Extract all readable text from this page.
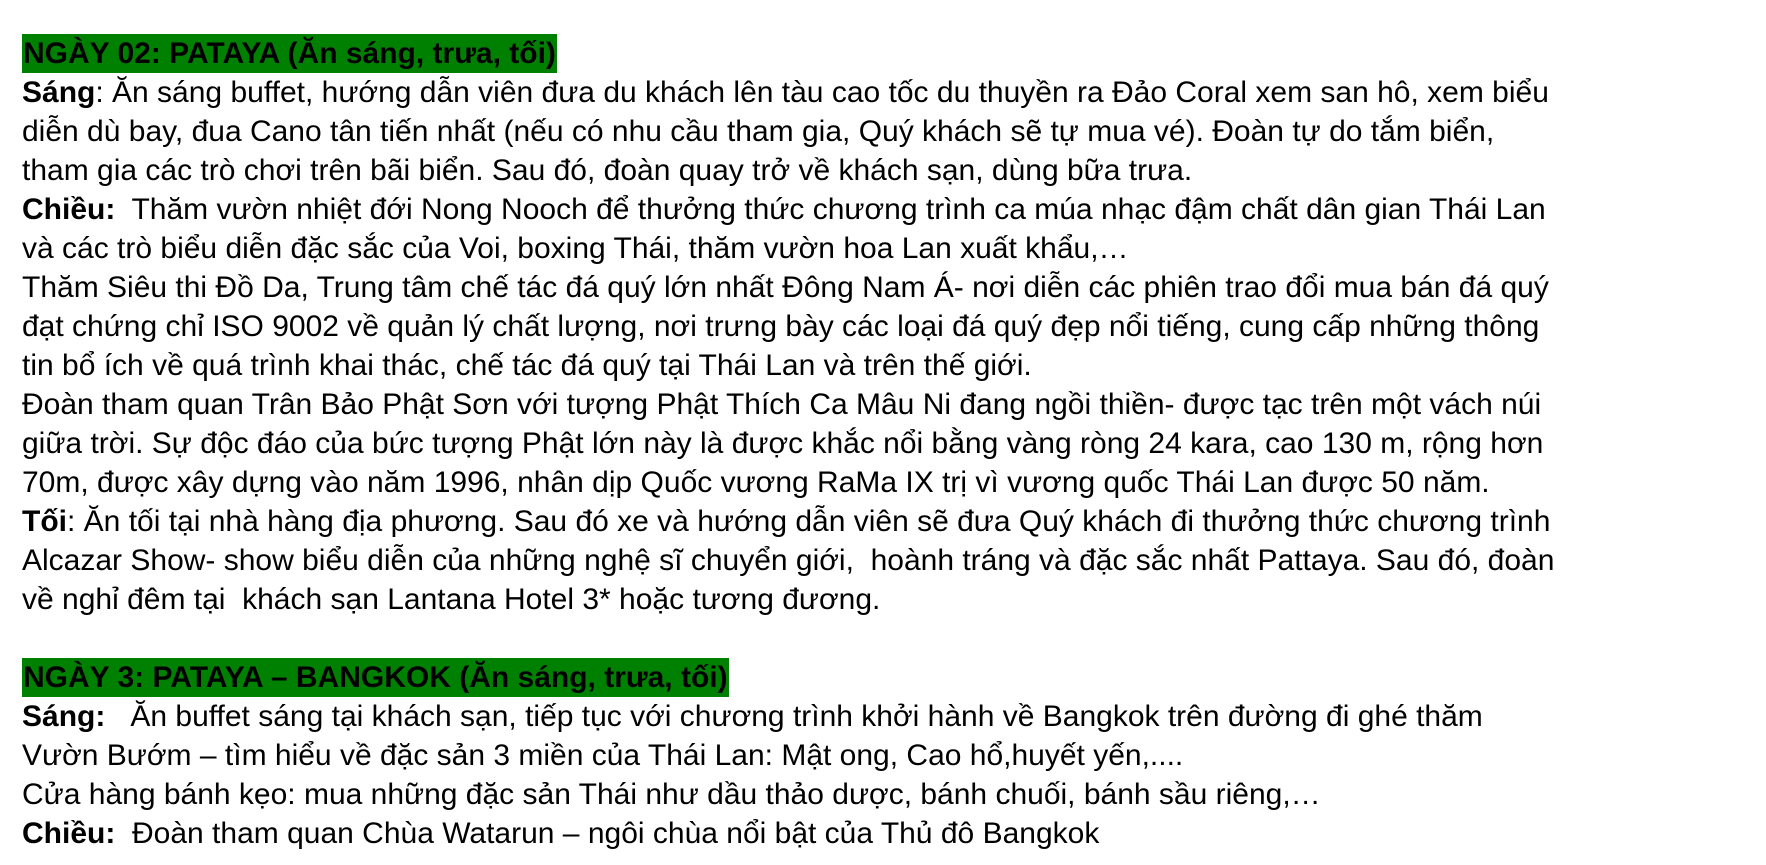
NGÀY 02: PATAYA (Ăn sáng, trưa, tối)
Sáng: Ăn sáng buffet, hướng dẫn viên đưa du khách lên tàu cao tốc du thuyền ra Đảo Coral xem san hô, xem biểu
diễn dù bay, đua Cano tân tiến nhất (nếu có nhu cầu tham gia, Quý khách sẽ tự mua vé). Đoàn tự do tắm biển,
tham gia các trò chơi trên bãi biển. Sau đó, đoàn quay trở về khách sạn, dùng bữa trưa.
Chiều:  Thăm vườn nhiệt đới Nong Nooch để thưởng thức chương trình ca múa nhạc đậm chất dân gian Thái Lan
và các trò biểu diễn đặc sắc của Voi, boxing Thái, thăm vườn hoa Lan xuất khẩu,…
Thăm Siêu thi Đồ Da, Trung tâm chế tác đá quý lớn nhất Đông Nam Á- nơi diễn các phiên trao đổi mua bán đá quý
đạt chứng chỉ ISO 9002 về quản lý chất lượng, nơi trưng bày các loại đá quý đẹp nổi tiếng, cung cấp những thông
tin bổ ích về quá trình khai thác, chế tác đá quý tại Thái Lan và trên thế giới.
Đoàn tham quan Trân Bảo Phật Sơn với tượng Phật Thích Ca Mâu Ni đang ngồi thiền- được tạc trên một vách núi
giữa trời. Sự độc đáo của bức tượng Phật lớn này là được khắc nổi bằng vàng ròng 24 kara, cao 130 m, rộng hơn
70m, được xây dựng vào năm 1996, nhân dịp Quốc vương RaMa IX trị vì vương quốc Thái Lan được 50 năm.
Tối: Ăn tối tại nhà hàng địa phương. Sau đó xe và hướng dẫn viên sẽ đưa Quý khách đi thưởng thức chương trình
Alcazar Show- show biểu diễn của những nghệ sĩ chuyển giới,  hoành tráng và đặc sắc nhất Pattaya. Sau đó, đoàn
về nghỉ đêm tại  khách sạn Lantana Hotel 3* hoặc tương đương.
NGÀY 3: PATAYA – BANGKOK (Ăn sáng, trưa, tối)
Sáng:   Ăn buffet sáng tại khách sạn, tiếp tục với chương trình khởi hành về Bangkok trên đường đi ghé thăm
Vườn Bướm – tìm hiểu về đặc sản 3 miền của Thái Lan: Mật ong, Cao hổ,huyết yến,....
Cửa hàng bánh kẹo: mua những đặc sản Thái như dầu thảo dược, bánh chuối, bánh sầu riêng,…
Chiều:  Đoàn tham quan Chùa Watarun – ngôi chùa nổi bật của Thủ đô Bangkok
